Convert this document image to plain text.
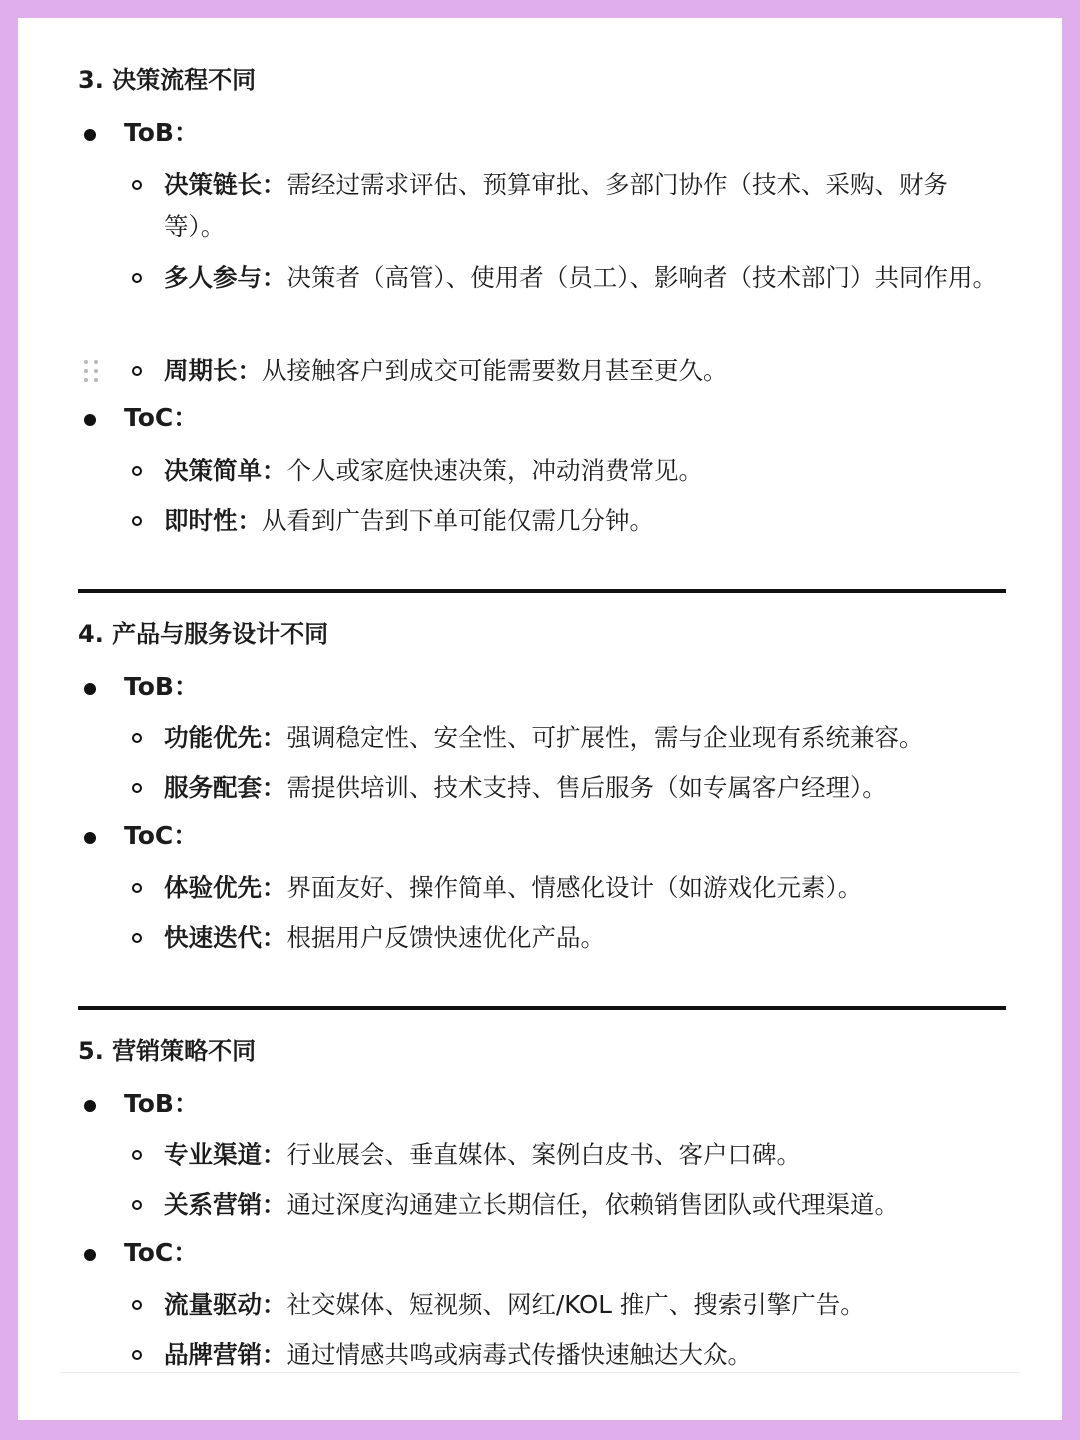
3. 决策流程不同
ToB：
决策链长：需经过需求评估、预算审批、多部门协作（技术、采购、财务等）。
多人参与：决策者（高管）、使用者（员工）、影响者（技术部门）共同作用。
周期长：从接触客户到成交可能需要数月甚至更久。
ToC：
决策简单：个人或家庭快速决策，冲动消费常见。
即时性：从看到广告到下单可能仅需几分钟。
4. 产品与服务设计不同
ToB：
功能优先：强调稳定性、安全性、可扩展性，需与企业现有系统兼容。
服务配套：需提供培训、技术支持、售后服务（如专属客户经理）。
ToC：
体验优先：界面友好、操作简单、情感化设计（如游戏化元素）。
快速迭代：根据用户反馈快速优化产品。
5. 营销策略不同
ToB：
专业渠道：行业展会、垂直媒体、案例白皮书、客户口碑。
关系营销：通过深度沟通建立长期信任，依赖销售团队或代理渠道。
ToC：
流量驱动：社交媒体、短视频、网红/KOL 推广、搜索引擎广告。
品牌营销：通过情感共鸣或病毒式传播快速触达大众。
